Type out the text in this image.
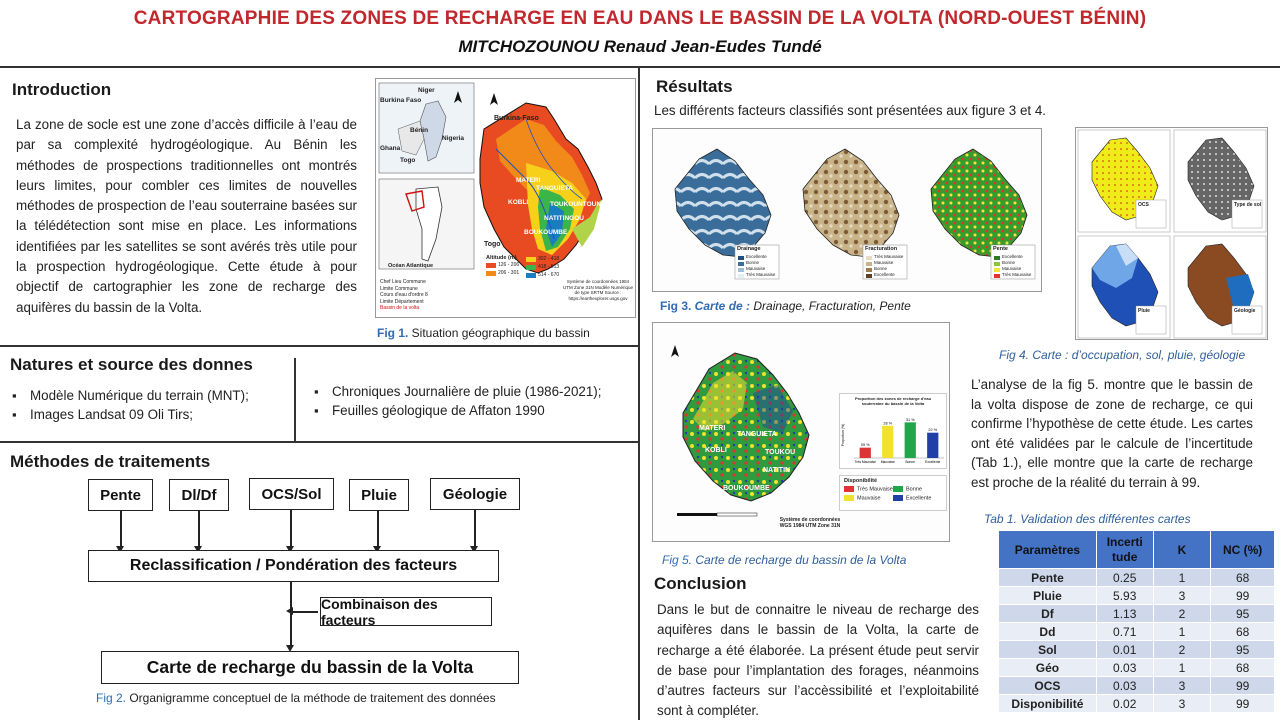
CARTOGRAPHIE DES ZONES DE RECHARGE EN EAU DANS LE BASSIN DE LA VOLTA (NORD-OUEST BÉNIN)
MITCHOZOUNOU Renaud Jean-Eudes Tundé
Introduction
La zone de socle est une zone d’accès difficile à l’eau de par sa complexité hydrogéologique. Au Bénin les méthodes de prospections traditionnelles ont montrés leurs limites, pour combler ces limites de nouvelles méthodes de prospection de l’eau souterraine basées sur la télédétection sont mise en place. Les informations identifiées par les satellites se sont avérés très utile pour la prospection hydrogéologique. Cette étude à pour objectif de cartographier les zone de recharge des aquifères du bassin de la Volta.
Niger
Burkina Faso
Bénin
Nigeria
Ghana
Togo
Burkina-Faso
Togo
MATERI
TANGUIETA
KOBLI	TOUKOUNTOUNA
NATITINGOU
BOUKOUMBE
Océan Atlantique
Altitude (m)
126 - 206
206 - 301
302 - 418
418 - 513
514 - 670
Chef Lieu Commune
Limite Commune
Cours d'eau d'ordre 8
Limite Département
Bassin de la volta
Système de coordonnées 1984 UTM Zone 31N Modèle Numérique de type SRTM Source : https://earthexplorer.usgs.gov
Fig 1. Situation géographique du bassin
Natures et source des donnes
▪ Modèle Numérique du terrain (MNT);
▪ Images Landsat 09 Oli Tirs;
▪ Chroniques Journalière de pluie (1986-2021);
▪ Feuilles géologique de Affaton 1990
Méthodes de traitements
Pente	Dl/Df	OCS/Sol	Pluie	Géologie
Reclassification / Pondération des facteurs
Combinaison des facteurs
Carte de recharge du bassin de la Volta
Fig 2. Organigramme conceptuel de la méthode de traitement des données
Résultats
Les différents facteurs classifiés sont présentées aux figure 3 et 4.
Drainage
Excellente
Bonne
Mauvaise
Très Mauvaise
Fracturation
Très Mauvaise
Mauvaise
Bonne
Excellente
Pente
Excellente
Bonne
Mauvaise
Très Mauvaise
Fig 3. Carte de : Drainage, Fracturation, Pente
OCS	Type de sol
Pluie	Géologie
Fig 4. Carte : d’occupation, sol, pluie, géologie
MATERI
TANGUIETA
KOBLI	TOUKOU
NATITIN
BOUKOUMBE
Proportion des zones de recharge d'eau souterraine du bassin de la Volta
Proportion (%)	09 %
Très Mauvaise
28 %
Mauvaise
31 %
Bonne
22 %
Excellente
Disponibilité
Très Mauvaise	Bonne
Mauvaise	Excellente
Système de coordonnées WGS 1984 UTM Zone 31N
Fig 5. Carte de recharge du bassin de la Volta
L’analyse de la fig 5. montre que le bassin de la volta dispose de zone de recharge, ce qui confirme l’hypothèse de cette étude. Les cartes ont été validées par le calcule de l’incertitude (Tab 1.), elle montre que la carte de recharge est proche de la réalité du terrain à 99.
Tab 1. Validation des différentes cartes
Paramètres	Incertitude	K	NC (%)
Pente	0.25	1	68
Pluie	5.93	3	99
Df	1.13	2	95
Dd	0.71	1	68
Sol	0.01	2	95
Géo	0.03	1	68
OCS	0.03	3	99
Disponibilité	0.02	3	99
Conclusion
Dans le but de connaitre le niveau de recharge des aquifères dans le bassin de la Volta, la carte de recharge a été élaborée. La présent étude peut servir de base pour l’implantation des forages, néanmoins d’autres facteurs sur l’accèssibilité et l’exploitabilité sont à compléter.
